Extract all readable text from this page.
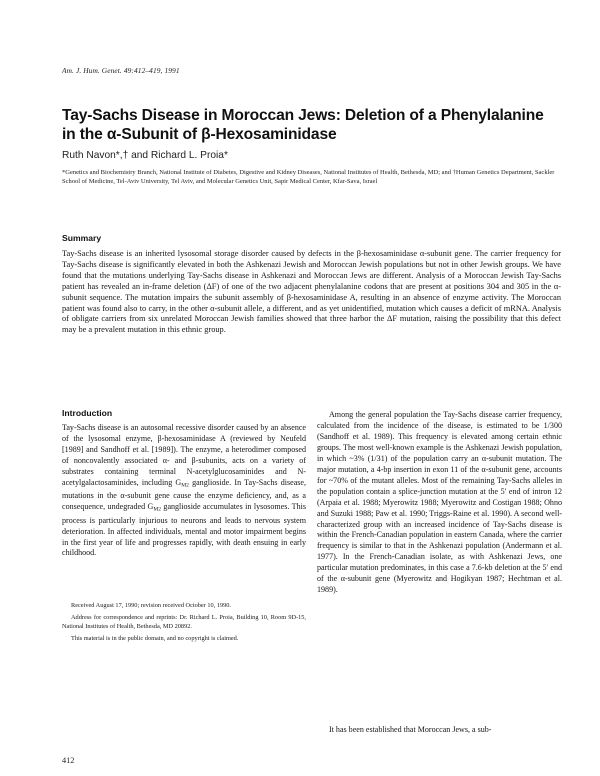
Am. J. Hum. Genet. 49:412–419, 1991
Tay-Sachs Disease in Moroccan Jews: Deletion of a Phenylalanine
in the α-Subunit of β-Hexosaminidase
Ruth Navon*,† and Richard L. Proia*
*Genetics and Biochemistry Branch, National Institute of Diabetes, Digestive and Kidney Diseases, National Institutes of Health, Bethesda, MD; and †Human Genetics Department, Sackler School of Medicine, Tel-Aviv University, Tel Aviv, and Molecular Genetics Unit, Sapir Medical Center, Kfar-Sava, Israel
Summary

Tay-Sachs disease is an inherited lysosomal storage disorder caused by defects in the β-hexosaminidase α-subunit gene. The carrier frequency for Tay-Sachs disease is significantly elevated in both the Ashkenazi Jewish and Moroccan Jewish populations but not in other Jewish groups. We have found that the mutations underlying Tay-Sachs disease in Ashkenazi and Moroccan Jews are different. Analysis of a Moroccan Jewish Tay-Sachs patient has revealed an in-frame deletion (ΔF) of one of the two adjacent phenylalanine codons that are present at positions 304 and 305 in the α-subunit sequence. The mutation impairs the subunit assembly of β-hexosaminidase A, resulting in an absence of enzyme activity. The Moroccan patient was found also to carry, in the other α-subunit allele, a different, and as yet unidentified, mutation which causes a deficit of mRNA. Analysis of obligate carriers from six unrelated Moroccan Jewish families showed that three harbor the ΔF mutation, raising the possibility that this defect may be a prevalent mutation in this ethnic group.

Introduction

Tay-Sachs disease is an autosomal recessive disorder caused by an absence of the lysosomal enzyme, β-hexosaminidase A (reviewed by Neufeld [1989] and Sandhoff et al. [1989]). The enzyme, a heterodimer composed of noncovalently associated α- and β-subunits, acts on a variety of substrates containing terminal N-acetylglucosaminides and N-acetylgalactosaminides, including $G_{M2}$ ganglioside. In Tay-Sachs disease, mutations in the α-subunit gene cause the enzyme deficiency, and, as a consequence, undegraded $G_{M2}$ ganglioside accumulates in lysosomes. This process is particularly injurious to neurons and leads to nervous system deterioration. In affected individuals, mental and motor impairment begins in the first year of life and progresses rapidly, with death ensuing in early childhood.

Among the general population the Tay-Sachs disease carrier frequency, calculated from the incidence of the disease, is estimated to be 1/300 (Sandhoff et al. 1989). This frequency is elevated among certain ethnic groups. The most well-known example is the Ashkenazi Jewish population, in which ~3% (1/31) of the population carry an α-subunit mutation. The major mutation, a 4-bp insertion in exon 11 of the α-subunit gene, accounts for ~70% of the mutant alleles. Most of the remaining Tay-Sachs alleles in the population contain a splice-junction mutation at the 5′ end of intron 12 (Arpaia et al. 1988; Myerowitz 1988; Myerowitz and Costigan 1988; Ohno and Suzuki 1988; Paw et al. 1990; Triggs-Raine et al. 1990). A second well-characterized group with an increased incidence of Tay-Sachs disease is within the French-Canadian population in eastern Canada, where the carrier frequency is similar to that in the Ashkenazi population (Andermann et al. 1977). In the French-Canadian isolate, as with Ashkenazi Jews, one particular mutation predominates, in this case a 7.6-kb deletion at the 5′ end of the α-subunit gene (Myerowitz and Hogikyan 1987; Hechtman et al. 1989).

It has been established that Moroccan Jews, a sub-

Received August 17, 1990; revision received October 10, 1990.

Address for correspondence and reprints: Dr. Richard L. Proia, Building 10, Room 9D-15, National Institutes of Health, Bethesda, MD 20892.

This material is in the public domain, and no copyright is claimed.

412
